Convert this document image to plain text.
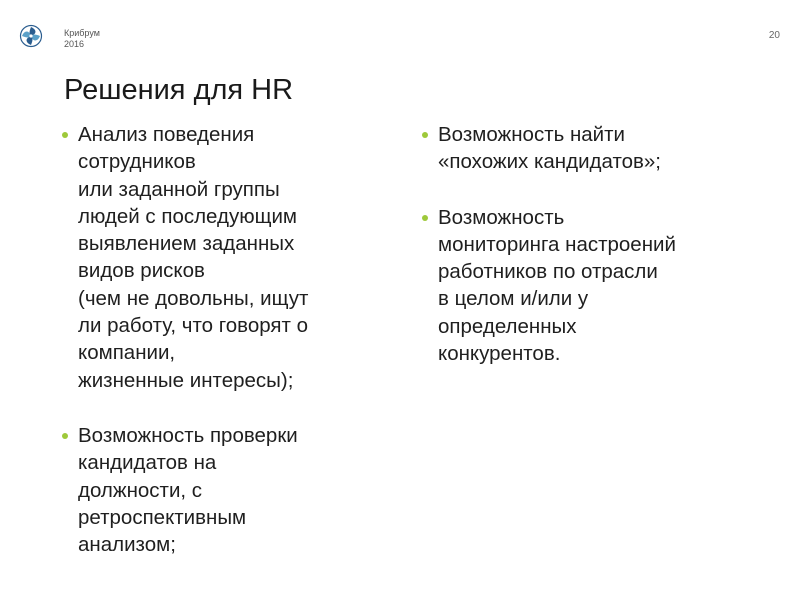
Крибрум
2016
20
Решения для HR
Анализ поведения
сотрудников
или заданной группы
людей с последующим
выявлением заданных
видов рисков
(чем не довольны, ищут
ли работу, что говорят о
компании,
жизненные интересы);
Возможность проверки
кандидатов на
должности, с
ретроспективным
анализом;
Возможность найти
«похожих кандидатов»;
Возможность
мониторинга настроений
работников по отрасли
в целом и/или у
определенных
конкурентов.
